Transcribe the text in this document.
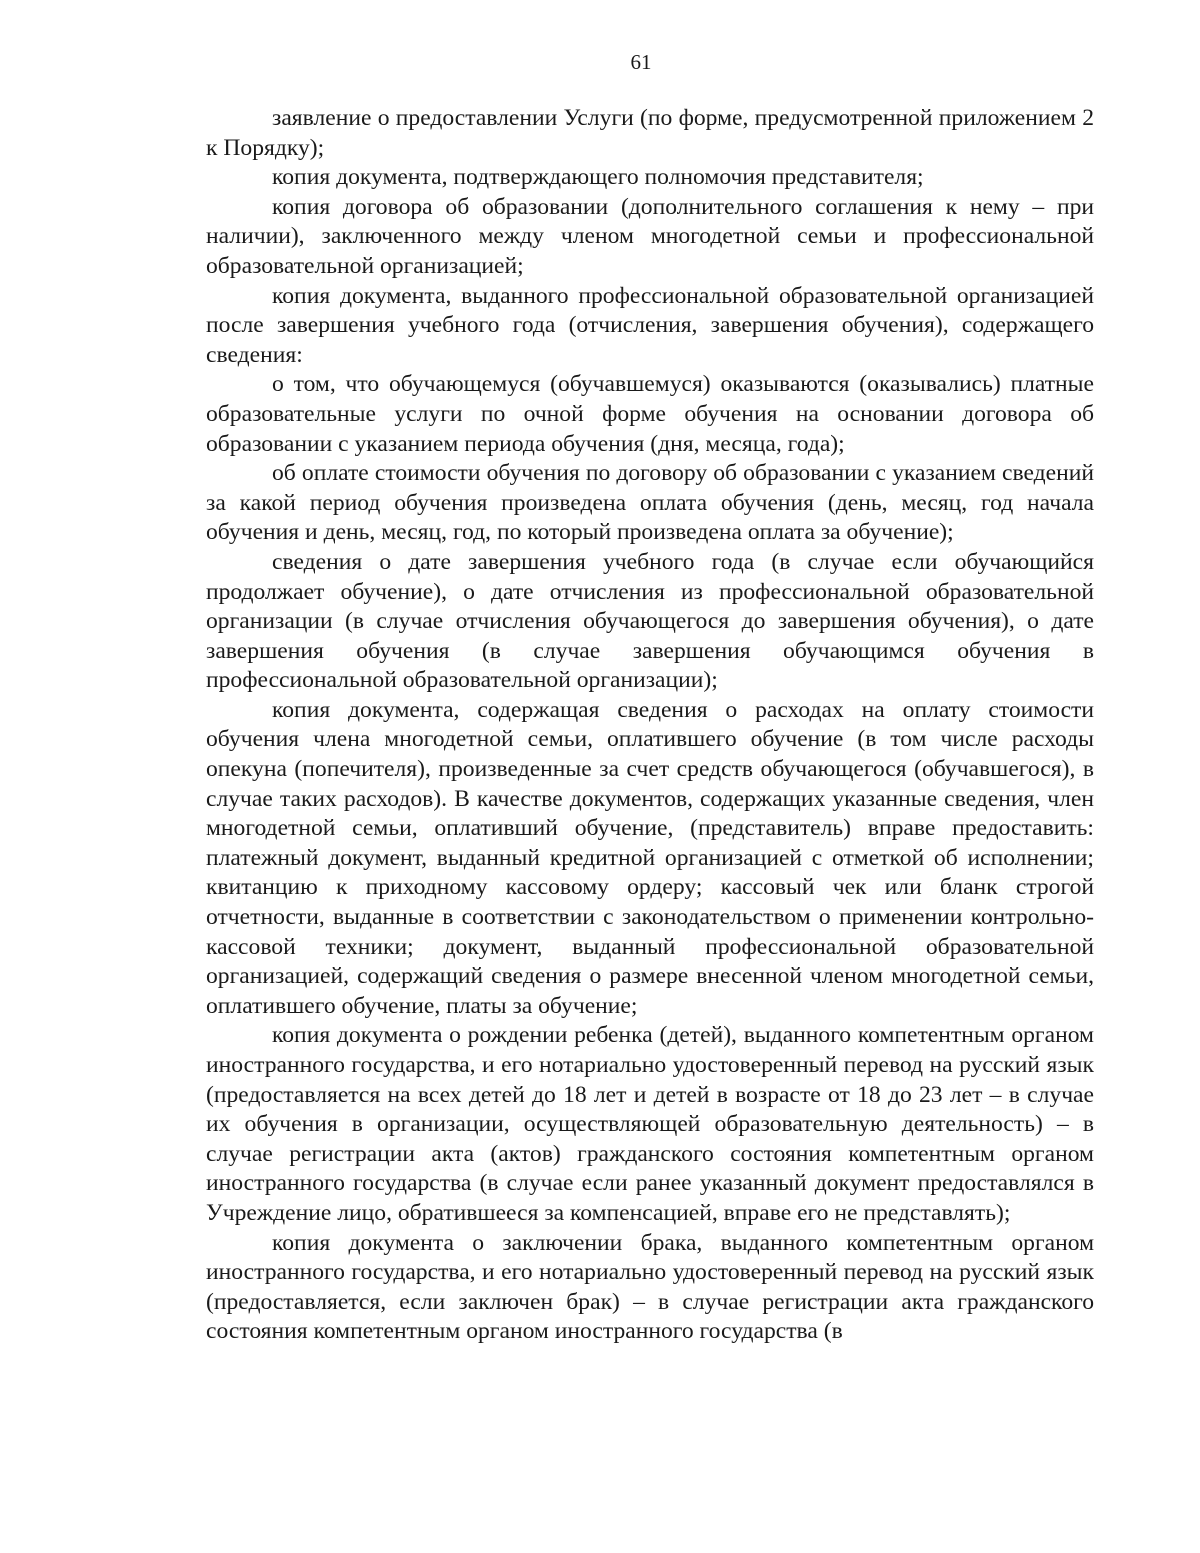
61

заявление о предоставлении Услуги (по форме, предусмотренной приложением 2 к Порядку);

копия документа, подтверждающего полномочия представителя;

копия договора об образовании (дополнительного соглашения к нему – при наличии), заключенного между членом многодетной семьи и профессиональной образовательной организацией;

копия документа, выданного профессиональной образовательной организацией после завершения учебного года (отчисления, завершения обучения), содержащего сведения:

о том, что обучающемуся (обучавшемуся) оказываются (оказывались) платные образовательные услуги по очной форме обучения на основании договора об образовании с указанием периода обучения (дня, месяца, года);

об оплате стоимости обучения по договору об образовании с указанием сведений за какой период обучения произведена оплата обучения (день, месяц, год начала обучения и день, месяц, год, по который произведена оплата за обучение);

сведения о дате завершения учебного года (в случае если обучающийся продолжает обучение), о дате отчисления из профессиональной образовательной организации (в случае отчисления обучающегося до завершения обучения), о дате завершения обучения (в случае завершения обучающимся обучения в профессиональной образовательной организации);

копия документа, содержащая сведения о расходах на оплату стоимости обучения члена многодетной семьи, оплатившего обучение (в том числе расходы опекуна (попечителя), произведенные за счет средств обучающегося (обучавшегося), в случае таких расходов). В качестве документов, содержащих указанные сведения, член многодетной семьи, оплативший обучение, (представитель) вправе предоставить: платежный документ, выданный кредитной организацией с отметкой об исполнении; квитанцию к приходному кассовому ордеру; кассовый чек или бланк строгой отчетности, выданные в соответствии с законодательством о применении контрольно-кассовой техники; документ, выданный профессиональной образовательной организацией, содержащий сведения о размере внесенной членом многодетной семьи, оплатившего обучение, платы за обучение;

копия документа о рождении ребенка (детей), выданного компетентным органом иностранного государства, и его нотариально удостоверенный перевод на русский язык (предоставляется на всех детей до 18 лет и детей в возрасте от 18 до 23 лет – в случае их обучения в организации, осуществляющей образовательную деятельность) – в случае регистрации акта (актов) гражданского состояния компетентным органом иностранного государства (в случае если ранее указанный документ предоставлялся в Учреждение лицо, обратившееся за компенсацией, вправе его не представлять);

копия документа о заключении брака, выданного компетентным органом иностранного государства, и его нотариально удостоверенный перевод на русский язык (предоставляется, если заключен брак) – в случае регистрации акта гражданского состояния компетентным органом иностранного государства (в
